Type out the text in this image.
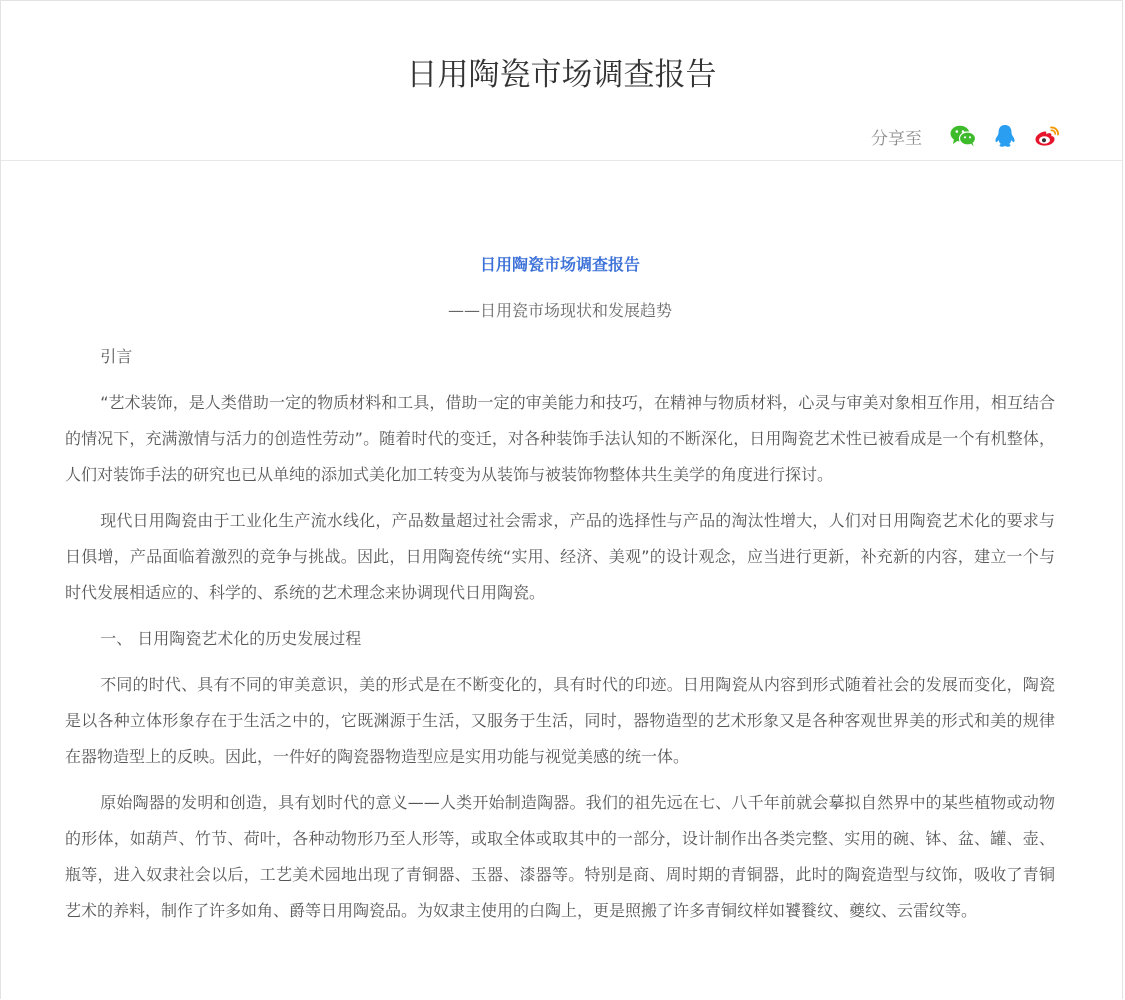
日用陶瓷市场调查报告
分享至

日用陶瓷市场调查报告

——日用瓷市场现状和发展趋势

引言

“艺术装饰，是人类借助一定的物质材料和工具，借助一定的审美能力和技巧，在精神与物质材料，心灵与审美对象相互作用，相互结合的情况下，充满激情与活力的创造性劳动”。随着时代的变迁，对各种装饰手法认知的不断深化，日用陶瓷艺术性已被看成是一个有机整体，人们对装饰手法的研究也已从单纯的添加式美化加工转变为从装饰与被装饰物整体共生美学的角度进行探讨。

现代日用陶瓷由于工业化生产流水线化，产品数量超过社会需求，产品的选择性与产品的淘汰性增大，人们对日用陶瓷艺术化的要求与日俱增，产品面临着激烈的竞争与挑战。因此，日用陶瓷传统“实用、经济、美观”的设计观念，应当进行更新，补充新的内容，建立一个与时代发展相适应的、科学的、系统的艺术理念来协调现代日用陶瓷。

一、 日用陶瓷艺术化的历史发展过程

不同的时代、具有不同的审美意识，美的形式是在不断变化的，具有时代的印迹。日用陶瓷从内容到形式随着社会的发展而变化，陶瓷是以各种立体形象存在于生活之中的，它既渊源于生活，又服务于生活，同时，器物造型的艺术形象又是各种客观世界美的形式和美的规律在器物造型上的反映。因此，一件好的陶瓷器物造型应是实用功能与视觉美感的统一体。

原始陶器的发明和创造，具有划时代的意义——人类开始制造陶器。我们的祖先远在七、八千年前就会摹拟自然界中的某些植物或动物的形体，如葫芦、竹节、荷叶，各种动物形乃至人形等，或取全体或取其中的一部分，设计制作出各类完整、实用的碗、钵、盆、罐、壶、瓶等，进入奴隶社会以后，工艺美术园地出现了青铜器、玉器、漆器等。特别是商、周时期的青铜器，此时的陶瓷造型与纹饰，吸收了青铜艺术的养料，制作了许多如角、爵等日用陶瓷品。为奴隶主使用的白陶上，更是照搬了许多青铜纹样如饕餮纹、夔纹、云雷纹等。
